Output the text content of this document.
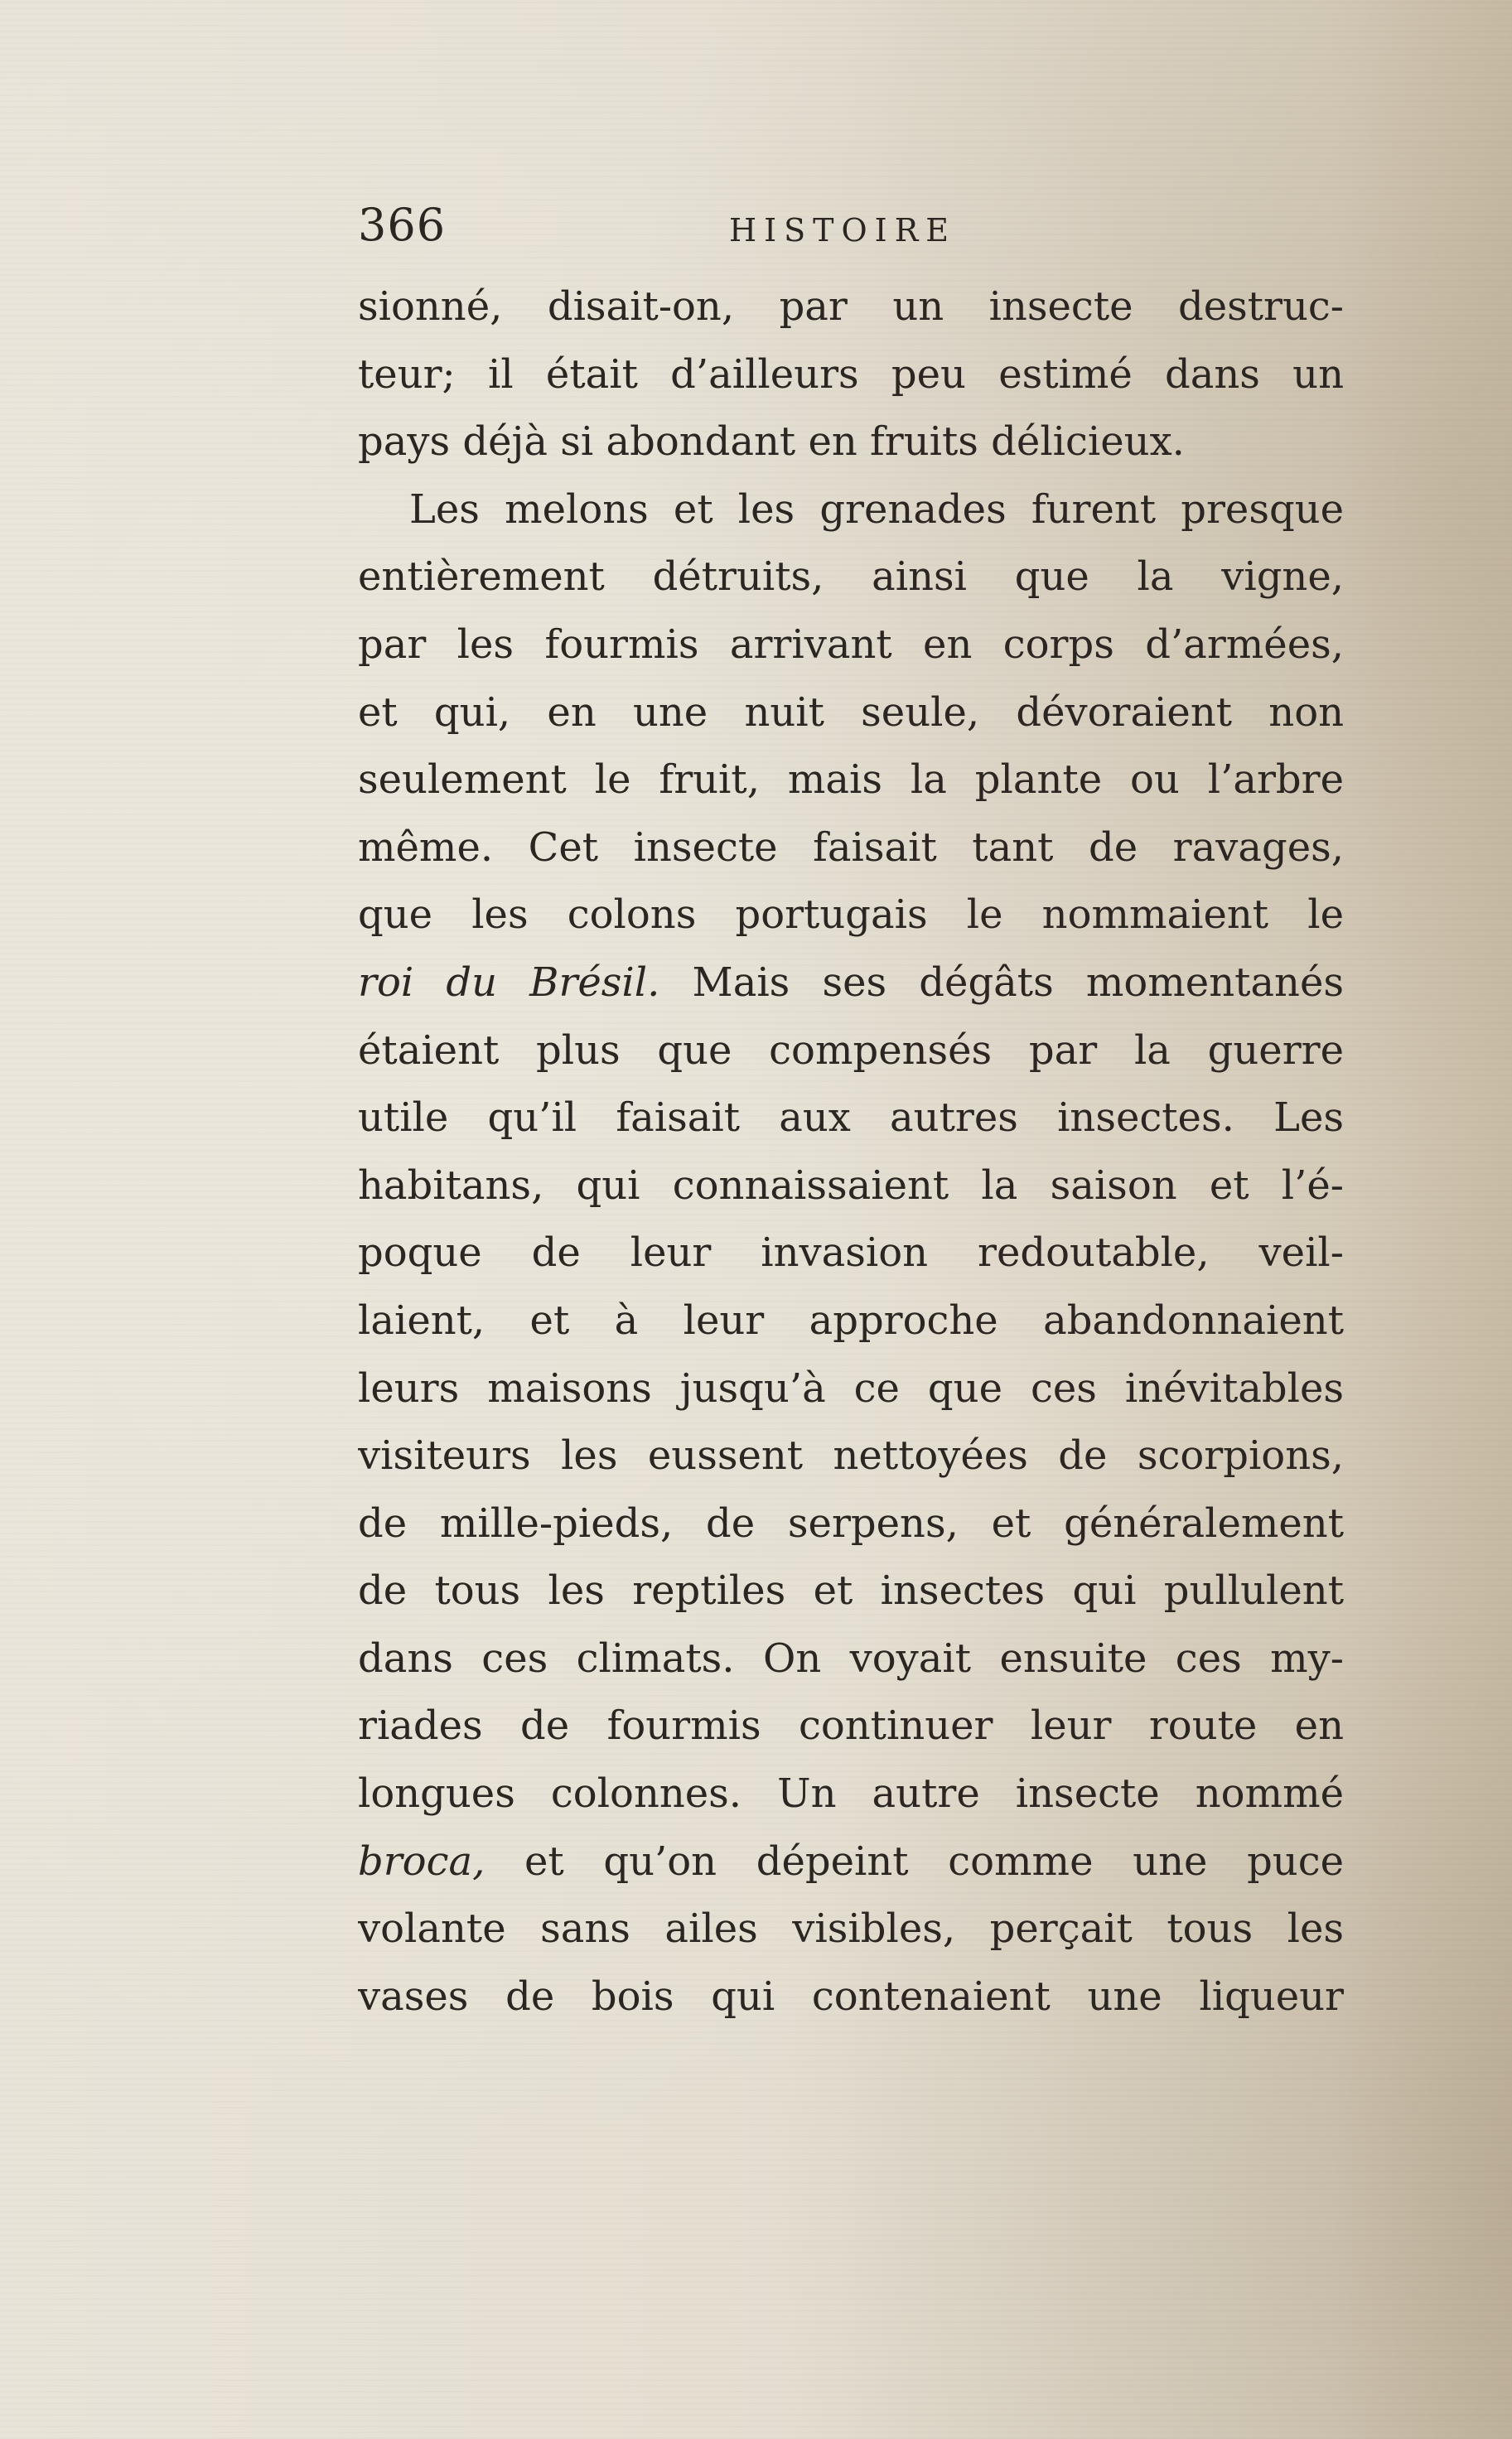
366	HISTOIRE
sionné, disait-on, par un insecte destruc-
teur; il était d’ailleurs peu estimé dans un
pays déjà si abondant en fruits délicieux.
Les melons et les grenades furent presque
entièrement détruits, ainsi que la vigne,
par les fourmis arrivant en corps d’armées,
et qui, en une nuit seule, dévoraient non
seulement le fruit, mais la plante ou l’arbre
même. Cet insecte faisait tant de ravages,
que les colons portugais le nommaient le
roi du Brésil. Mais ses dégâts momentanés
étaient plus que compensés par la guerre
utile qu’il faisait aux autres insectes. Les
habitans, qui connaissaient la saison et l’é-
poque de leur invasion redoutable, veil-
laient, et à leur approche abandonnaient
leurs maisons jusqu’à ce que ces inévitables
visiteurs les eussent nettoyées de scorpions,
de mille-pieds, de serpens, et généralement
de tous les reptiles et insectes qui pullulent
dans ces climats. On voyait ensuite ces my-
riades de fourmis continuer leur route en
longues colonnes. Un autre insecte nommé
broca, et qu’on dépeint comme une puce
volante sans ailes visibles, perçait tous les
vases de bois qui contenaient une liqueur
